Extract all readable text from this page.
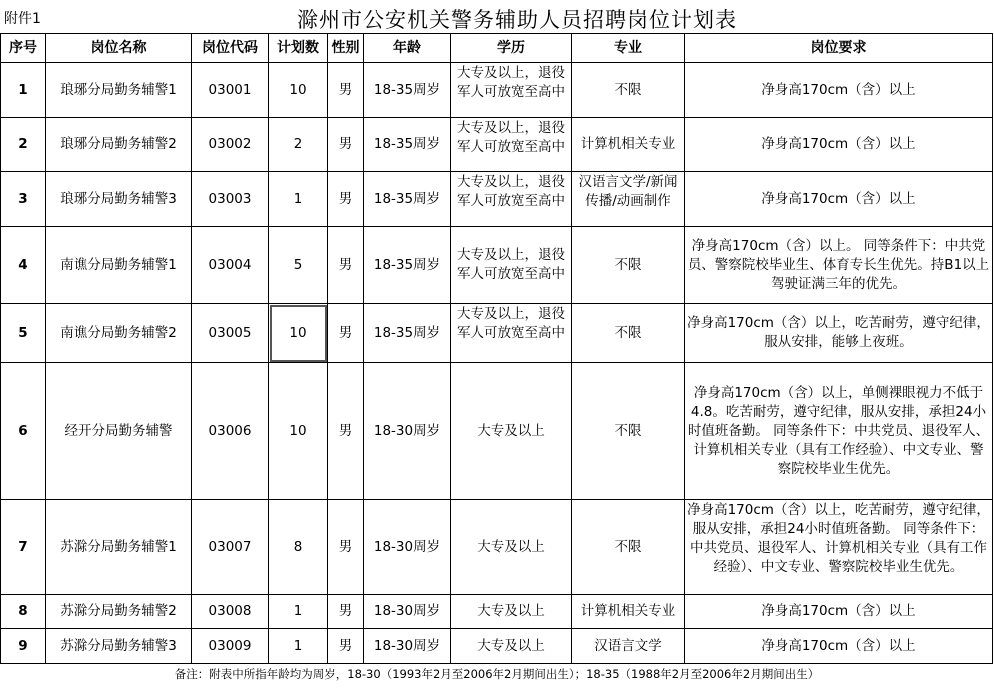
附件1	滁州市公安机关警务辅助人员招聘岗位计划表
序号	岗位名称	岗位代码	计划数	性别	年龄	学历	专业	岗位要求
1	琅琊分局勤务辅警1	03001	10	男	18-35周岁	大专及以上，退役军人可放宽至高中	不限	净身高170cm（含）以上
2	琅琊分局勤务辅警2	03002	2	男	18-35周岁	大专及以上，退役军人可放宽至高中	计算机相关专业	净身高170cm（含）以上
3	琅琊分局勤务辅警3	03003	1	男	18-35周岁	大专及以上，退役军人可放宽至高中	汉语言文学/新闻传播/动画制作	净身高170cm（含）以上
4	南谯分局勤务辅警1	03004	5	男	18-35周岁	大专及以上，退役军人可放宽至高中	不限	净身高170cm（含）以上。 同等条件下：中共党员、警察院校毕业生、体育专长生优先。持B1以上驾驶证满三年的优先。
5	南谯分局勤务辅警2	03005	10	男	18-35周岁	大专及以上，退役军人可放宽至高中	不限	净身高170cm（含）以上，吃苦耐劳，遵守纪律，服从安排，能够上夜班。
6	经开分局勤务辅警	03006	10	男	18-30周岁	大专及以上	不限	净身高170cm（含）以上，单侧裸眼视力不低于4.8。吃苦耐劳，遵守纪律，服从安排，承担24小时值班备勤。 同等条件下：中共党员、退役军人、计算机相关专业（具有工作经验）、中文专业、警察院校毕业生优先。
7	苏滁分局勤务辅警1	03007	8	男	18-30周岁	大专及以上	不限	净身高170cm（含）以上，吃苦耐劳，遵守纪律，服从安排，承担24小时值班备勤。 同等条件下：中共党员、退役军人、计算机相关专业（具有工作经验）、中文专业、警察院校毕业生优先。

8	苏滁分局勤务辅警2	03008	1	男	18-30周岁	大专及以上	计算机相关专业	净身高170cm（含）以上
9	苏滁分局勤务辅警3	03009	1	男	18-30周岁	大专及以上	汉语言文学	净身高170cm（含）以上
备注：附表中所指年龄均为周岁，18-30（1993年2月至2006年2月期间出生）；18-35（1988年2月至2006年2月期间出生）
